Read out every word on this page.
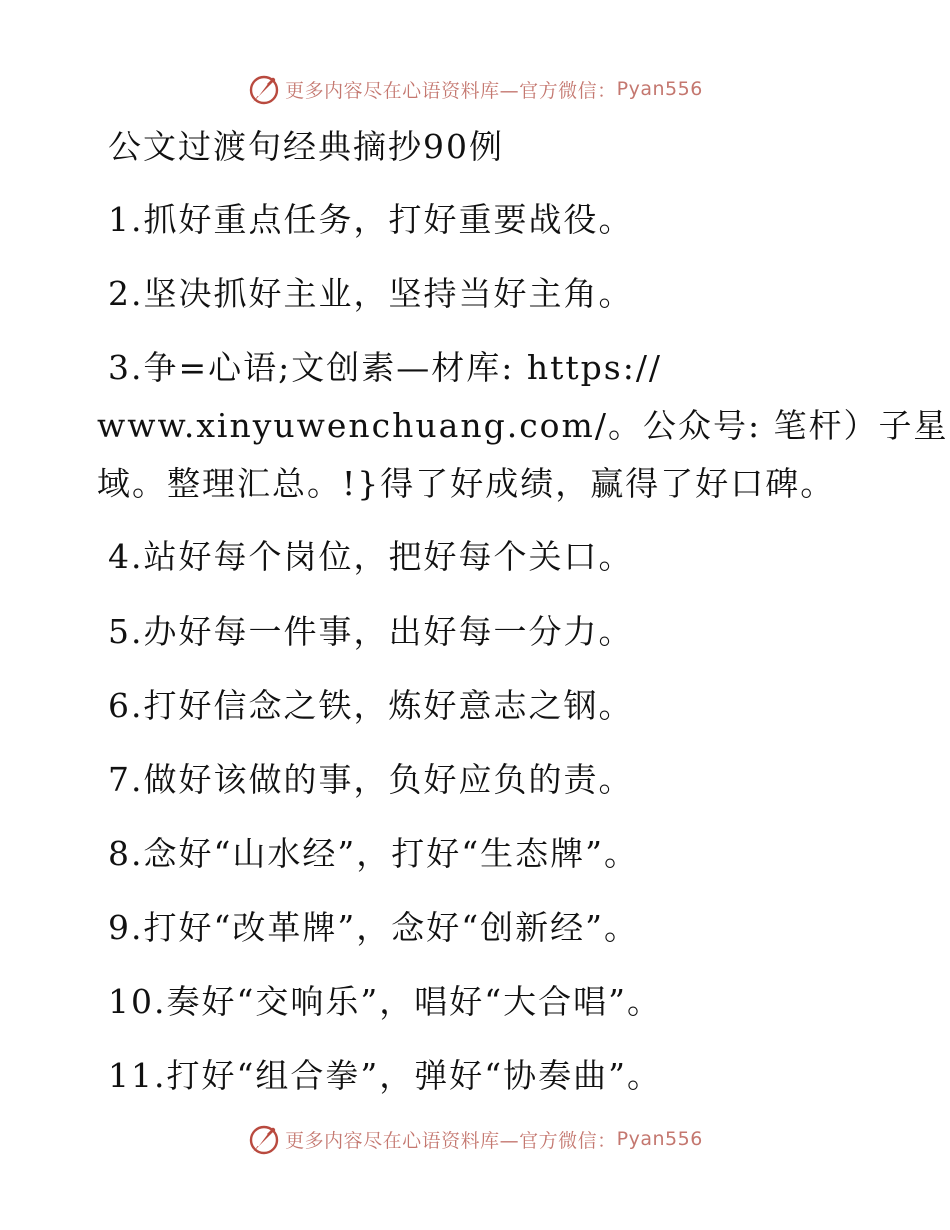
更多内容尽在心语资料库—官方微信： Pyan556
公文过渡句经典摘抄90例
1.抓好重点任务，打好重要战役。
2.坚决抓好主业，坚持当好主角。
3.争=心语;文创素—材库: https://
www.xinyuwenchuang.com/。公众号: 笔杆）子星
域。整理汇总。!}得了好成绩，赢得了好口碑。
4.站好每个岗位，把好每个关口。
5.办好每一件事，出好每一分力。
6.打好信念之铁，炼好意志之钢。
7.做好该做的事，负好应负的责。
8.念好“山水经”，打好“生态牌”。
9.打好“改革牌”，念好“创新经”。
10.奏好“交响乐”，唱好“大合唱”。
11.打好“组合拳”，弹好“协奏曲”。
更多内容尽在心语资料库—官方微信： Pyan556
